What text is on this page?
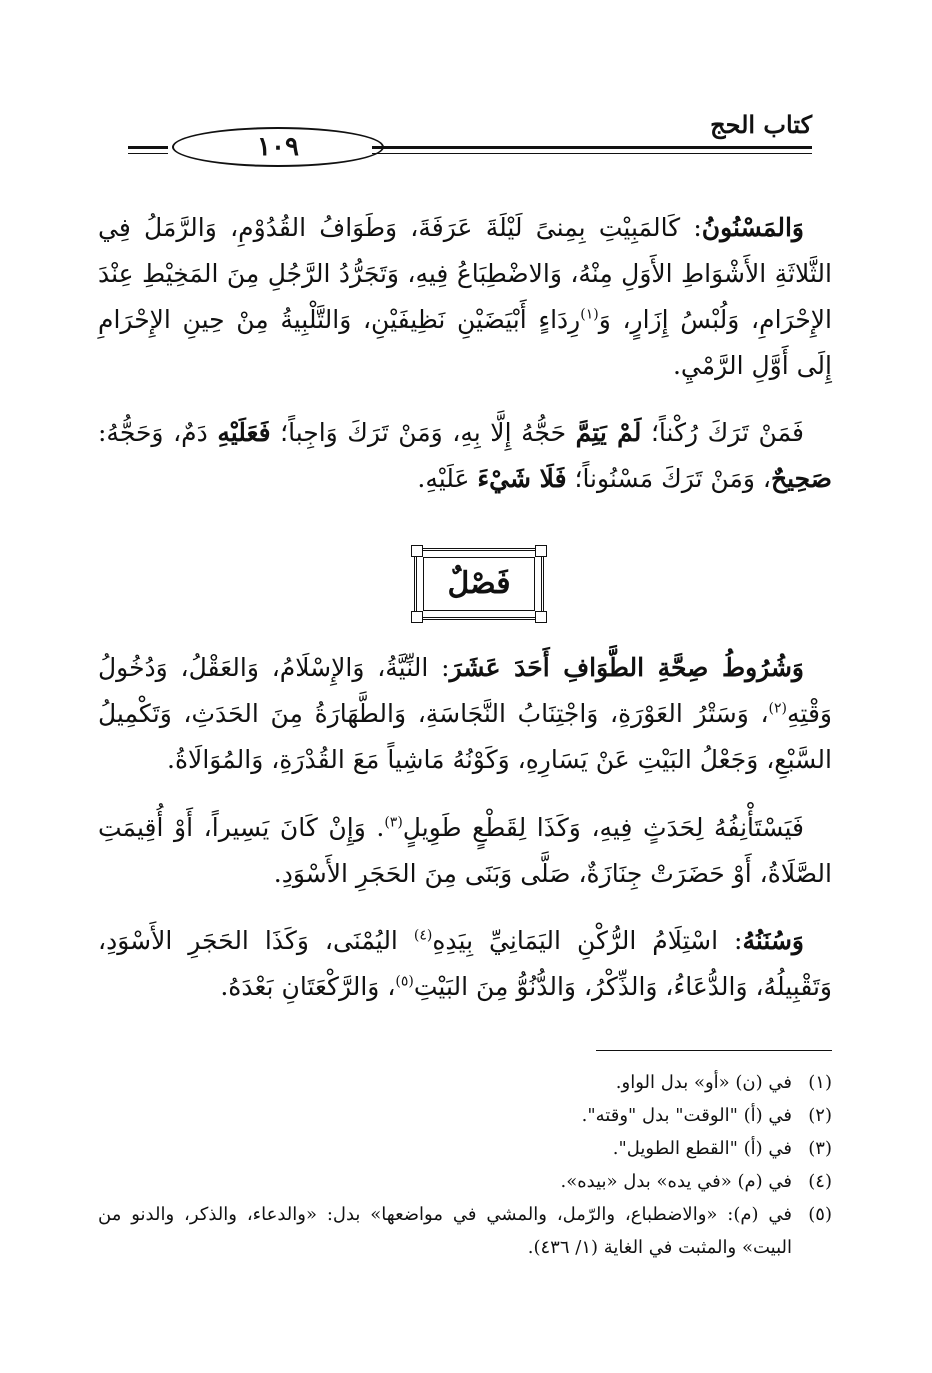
كتاب الحج
١٠٩

وَالمَسْنُونُ: كَالمَبِيْتِ بِمِنىً لَيْلَةَ عَرَفَةَ، وَطَوَافُ القُدُوْمِ، وَالرَّمَلُ فِي الثَّلاثَةِ الأَشْوَاطِ الأَوَلِ مِنْهُ، وَالاضْطِبَاعُ فِيهِ، وَتَجَرُّدُ الرَّجُلِ مِنَ المَخِيْطِ عِنْدَ الإِحْرَامِ، وَلُبْسُ إِزَارٍ، وَ$^{(١)}$رِدَاءٍ أَبْيَضَيْنِ نَظِيفَيْنِ، وَالتَّلْبِيةُ مِنْ حِينِ الإِحْرَامِ إِلَى أَوَّلِ الرَّمْيِ.

فَمَنْ تَرَكَ رُكْناً؛ لَمْ يَتِمَّ حَجُّهُ إِلَّا بِهِ، وَمَنْ تَرَكَ وَاجِباً؛ فَعَلَيْهِ دَمٌ، وَحَجُّهُ: صَحِيحٌ، وَمَنْ تَرَكَ مَسْنُوناً؛ فَلَا شَيْءَ عَلَيْهِ.

فَصْلٌ

وَشُرُوطُ صِحَّةِ الطَّوَافِ أَحَدَ عَشَرَ: النِّيَّةُ، وَالإِسْلَامُ، وَالعَقْلُ، وَدُخُولُ وَقْتِهِ$^{(٢)}$، وَسَتْرُ العَوْرَةِ، وَاجْتِنَابُ النَّجَاسَةِ، وَالطَّهَارَةُ مِنَ الحَدَثِ، وَتَكْمِيلُ السَّبْعِ، وَجَعْلُ البَيْتِ عَنْ يَسَارِهِ، وَكَوْنُهُ مَاشِياً مَعَ القُدْرَةِ، وَالمُوَالَاةُ.

فَيَسْتَأْنِفُهُ لِحَدَثٍ فِيهِ، وَكَذَا لِقَطْعٍ طَوِيلٍ$^{(٣)}$. وَإِنْ كَانَ يَسِيراً، أَوْ أُقِيمَتِ الصَّلَاةُ، أَوْ حَضَرَتْ جِنَازَةٌ، صَلَّى وَبَنَى مِنَ الحَجَرِ الأَسْوَدِ.

وَسُنَنُهُ: اسْتِلَامُ الرُّكْنِ اليَمَانِيِّ بِيَدِهِ$^{(٤)}$ اليُمْنَى، وَكَذَا الحَجَرِ الأَسْوَدِ، وَتَقْبِيلُهُ، وَالدُّعَاءُ، وَالذِّكْرُ، وَالدُّنُوُّ مِنَ البَيْتِ$^{(٥)}$، وَالرَّكْعَتَانِ بَعْدَهُ.

(١)
في (ن) «أو» بدل الواو.
(٢)
في (أ) "الوقت" بدل "وقته".
(٣)
في (أ) "القطع الطويل".
(٤)
في (م) «في يده» بدل «بيده».
(٥)
في (م): «والاضطباع، والرّمل، والمشي في مواضعها» بدل: «والدعاء، والذكر، والدنو من البيت» والمثبت في الغاية (١/ ٤٣٦).
